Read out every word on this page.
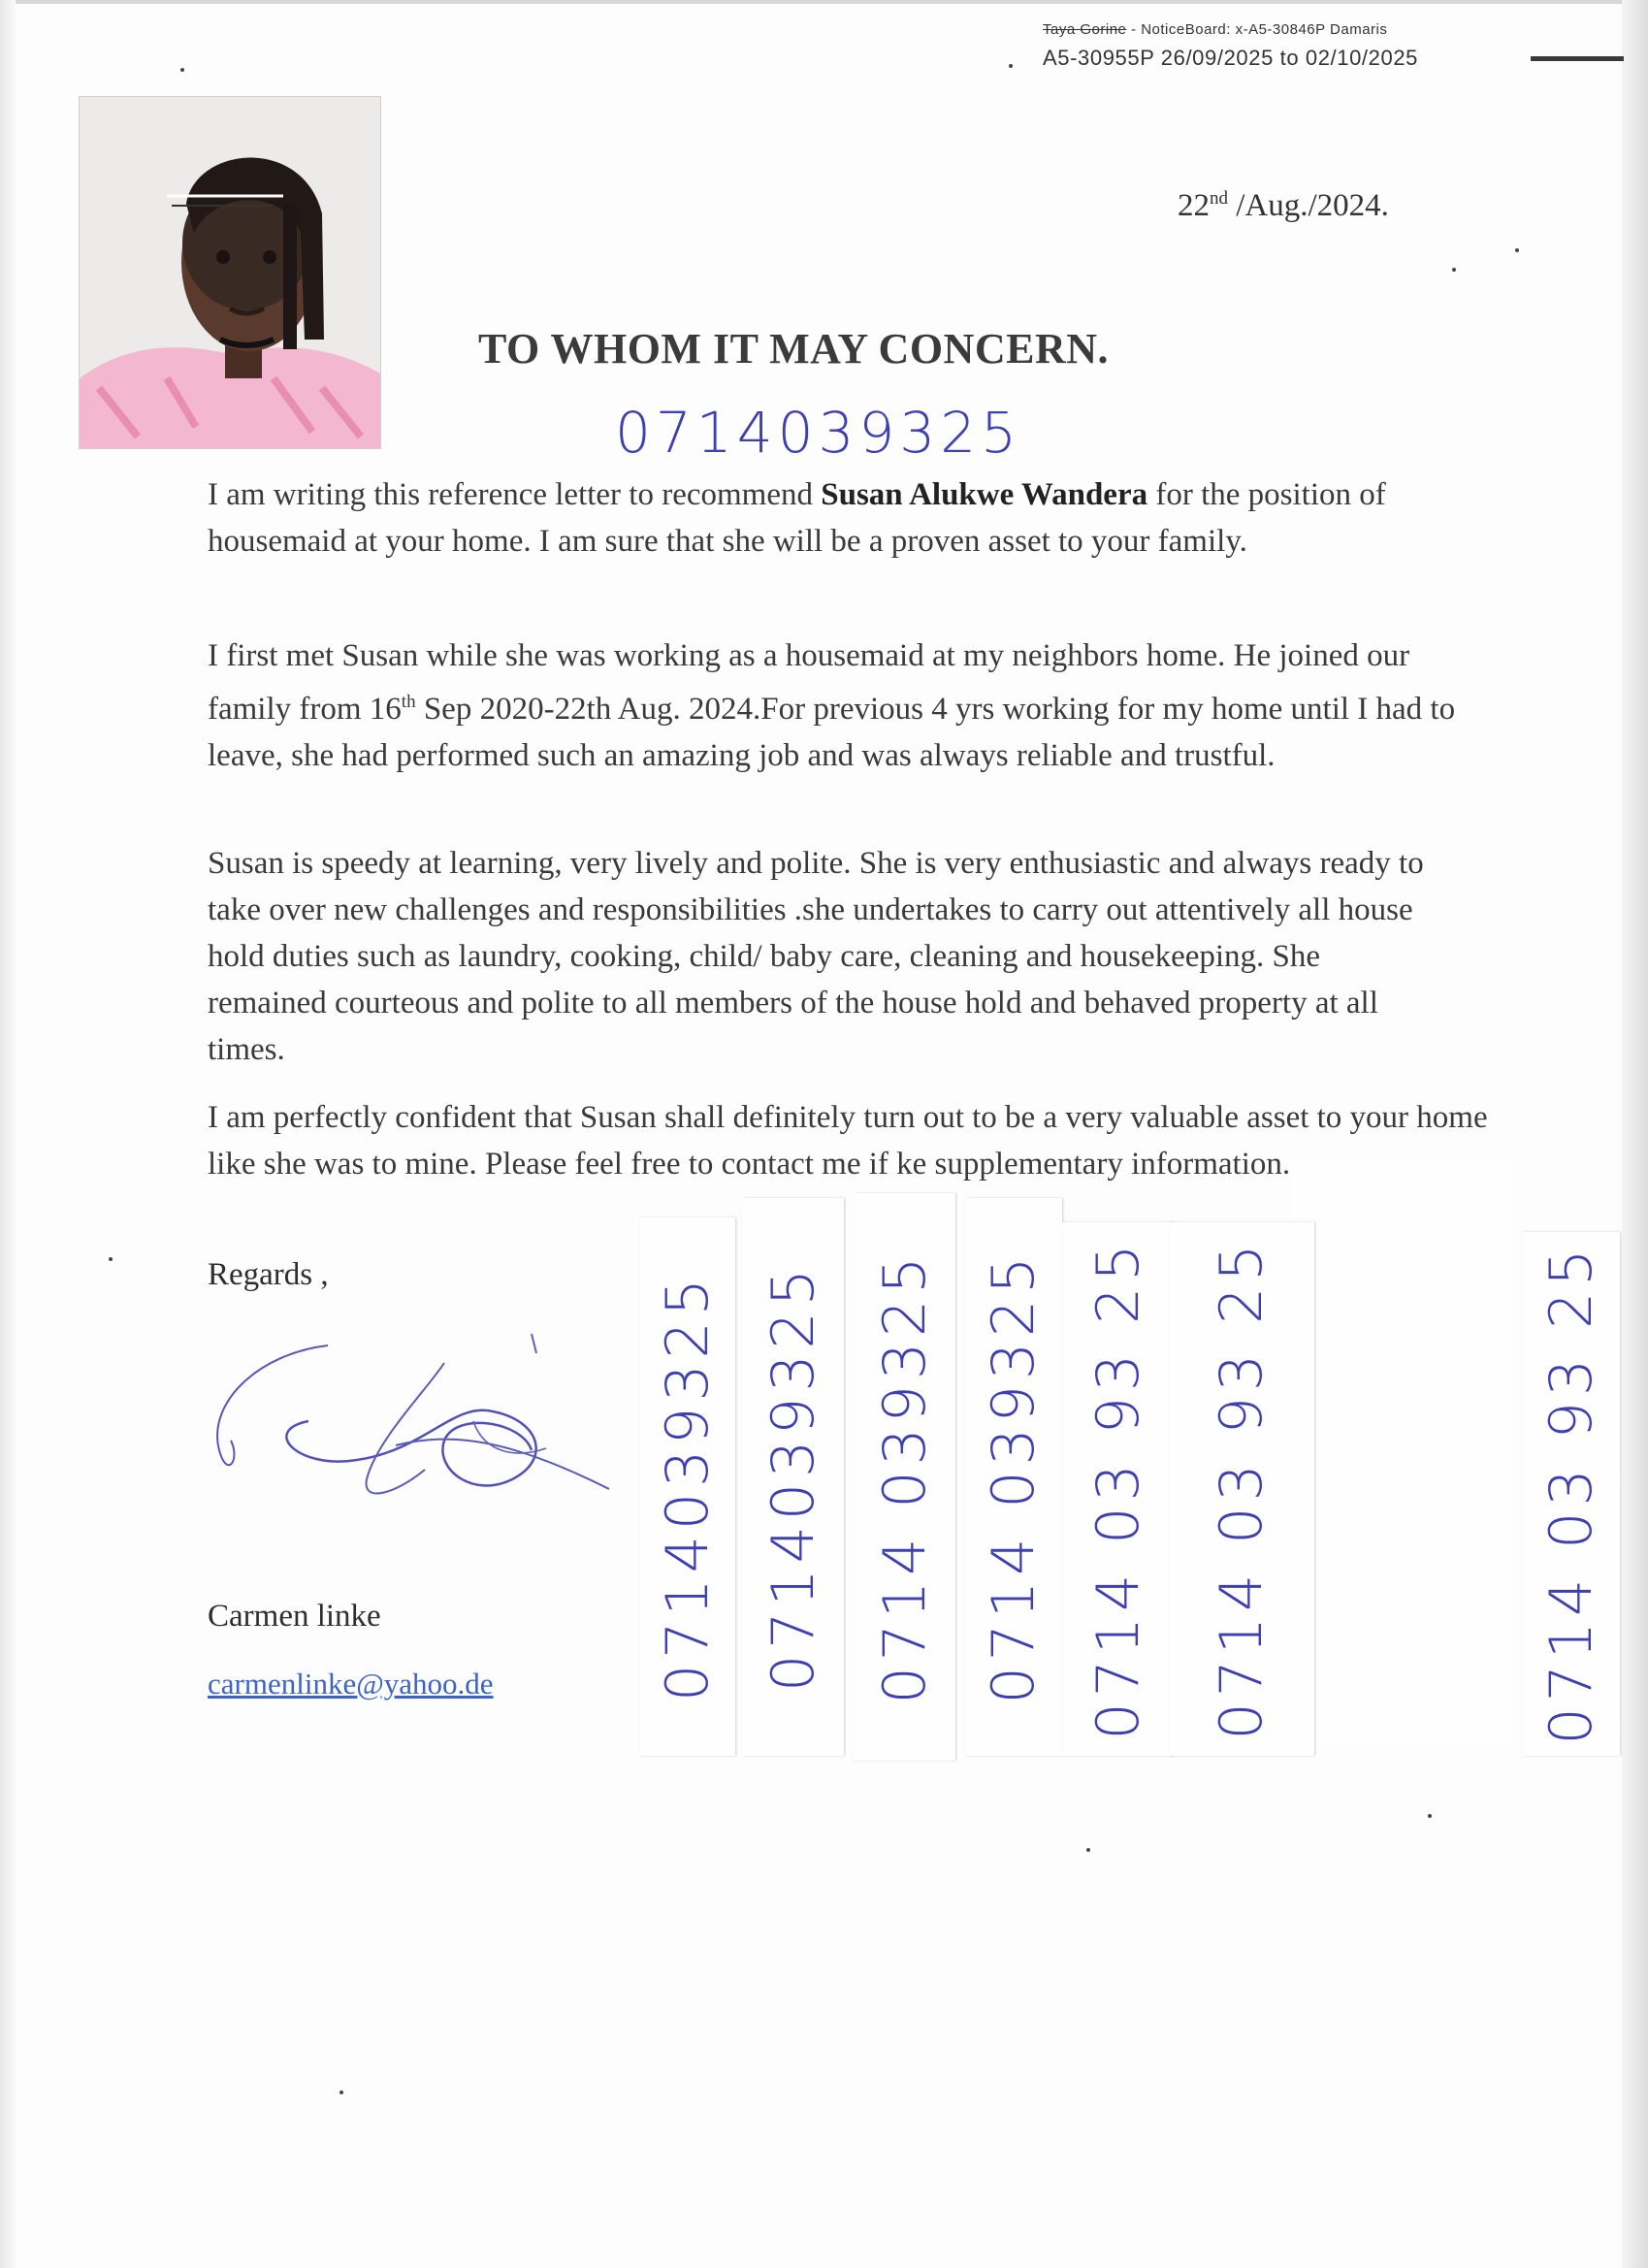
Taya Gorine - NoticeBoard: x-A5-30846P Damaris
A5-30955P 26/09/2025 to 02/10/2025
22nd /Aug./2024.
TO WHOM IT MAY CONCERN.
0714039325

I am writing this reference letter to recommend Susan Alukwe Wandera for the position of housemaid at your home. I am sure that she will be a proven asset to your family.

I first met Susan while she was working as a housemaid at my neighbors home. He joined our family from 16th Sep 2020-22th Aug. 2024.For previous 4 yrs working for my home until I had to leave, she had performed such an amazing job and was always reliable and trustful.

Susan is speedy at learning, very lively and polite. She is very enthusiastic and always ready to take over new challenges and responsibilities .she undertakes to carry out attentively all house hold duties such as laundry, cooking, child/ baby care, cleaning and housekeeping. She remained courteous and polite to all members of the house hold and behaved property at all times.

I am perfectly confident that Susan shall definitely turn out to be a very valuable asset to your home like she was to mine. Please feel free to contact me if ke supplementary information.

Regards ,
Carmen linke
carmenlinke@yahoo.de	0714039325 0714039325 0714 039325 0714 039325 0714 03 93 25 0714 03 93 25	0714 03 93 25
